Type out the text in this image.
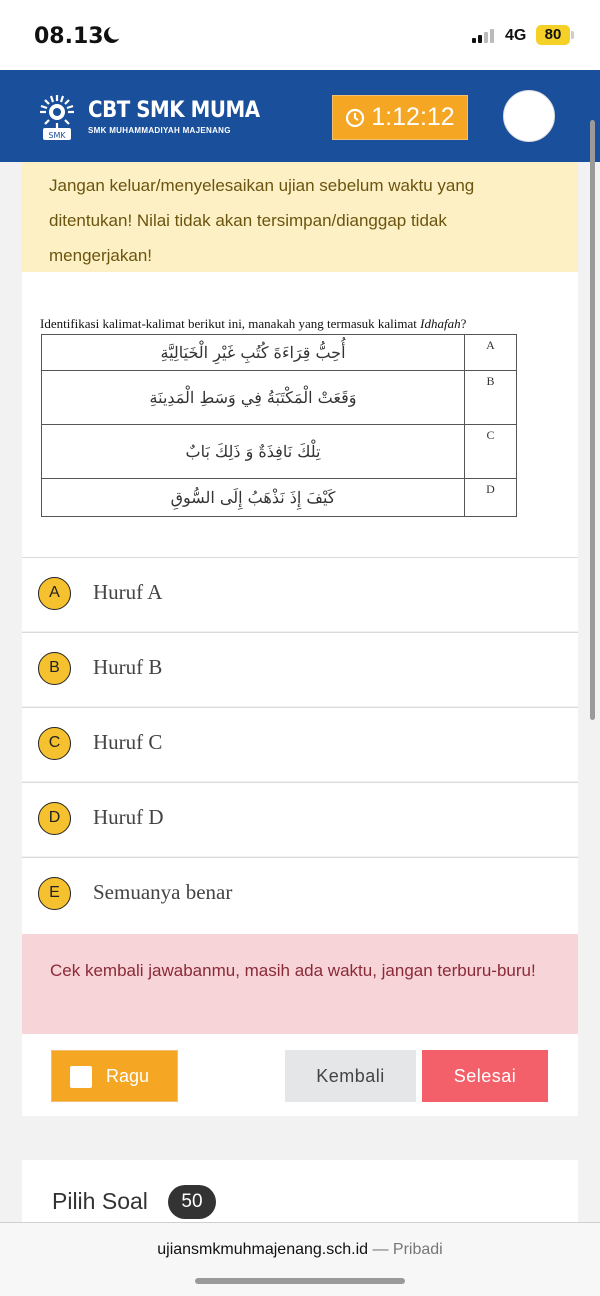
08.13	4G	80
SMK
CBT SMK MUMA
SMK MUHAMMADIYAH MAJENANG	1:12:12
Jangan keluar/menyelesaikan ujian sebelum waktu yang ditentukan! Nilai tidak akan tersimpan/dianggap tidak mengerjakan!
Identifikasi kalimat-kalimat berikut ini, manakah yang termasuk kalimat Idhafah?
أُحِبُّ قِرَاءَةَ كُتُبِ غَيْرِ الْخَيَالِيَّةِ	A
وَقَعَتْ الْمَكْتَبَةُ فِي وَسَطِ الْمَدِينَةِ	B
تِلْكَ نَافِذَةٌ وَ ذَلِكَ بَابٌ	C
كَيْفَ إِذَ نَذْهَبُ إِلَى السُّوقِ	D
A	Huruf A
B	Huruf B
C	Huruf C
D	Huruf D
E	Semuanya benar
Cek kembali jawabanmu, masih ada waktu, jangan terburu-buru!
Ragu	Kembali	Selesai
Pilih Soal	50
ujiansmkmuhmajenang.sch.id — Pribadi
